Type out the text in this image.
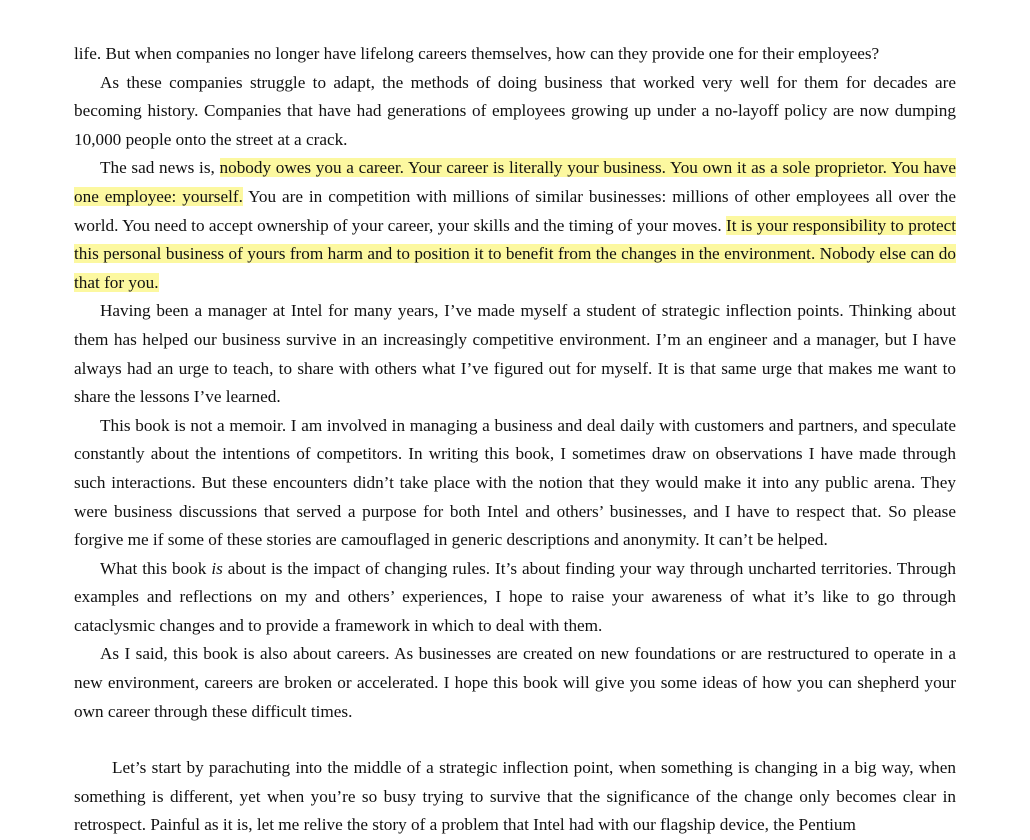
life. But when companies no longer have lifelong careers themselves, how can they provide one for their employees?

As these companies struggle to adapt, the methods of doing business that worked very well for them for decades are becoming history. Companies that have had generations of employees growing up under a no-layoff policy are now dumping 10,000 people onto the street at a crack.

The sad news is, nobody owes you a career. Your career is literally your business. You own it as a sole proprietor. You have one employee: yourself. You are in competition with millions of similar businesses: millions of other employees all over the world. You need to accept ownership of your career, your skills and the timing of your moves. It is your responsibility to protect this personal business of yours from harm and to position it to benefit from the changes in the environment. Nobody else can do that for you.

Having been a manager at Intel for many years, I’ve made myself a student of strategic inflection points. Thinking about them has helped our business survive in an increasingly competitive environment. I’m an engineer and a manager, but I have always had an urge to teach, to share with others what I’ve figured out for myself. It is that same urge that makes me want to share the lessons I’ve learned.

This book is not a memoir. I am involved in managing a business and deal daily with customers and partners, and speculate constantly about the intentions of competitors. In writing this book, I sometimes draw on observations I have made through such interactions. But these encounters didn’t take place with the notion that they would make it into any public arena. They were business discussions that served a purpose for both Intel and others’ businesses, and I have to respect that. So please forgive me if some of these stories are camouflaged in generic descriptions and anonymity. It can’t be helped.

What this book is about is the impact of changing rules. It’s about finding your way through uncharted territories. Through examples and reflections on my and others’ experiences, I hope to raise your awareness of what it’s like to go through cataclysmic changes and to provide a framework in which to deal with them.

As I said, this book is also about careers. As businesses are created on new foundations or are restructured to operate in a new environment, careers are broken or accelerated. I hope this book will give you some ideas of how you can shepherd your own career through these difficult times.

Let’s start by parachuting into the middle of a strategic inflection point, when something is changing in a big way, when something is different, yet when you’re so busy trying to survive that the significance of the change only becomes clear in retrospect. Painful as it is, let me relive the story of a problem that Intel had with our flagship device, the Pentium
